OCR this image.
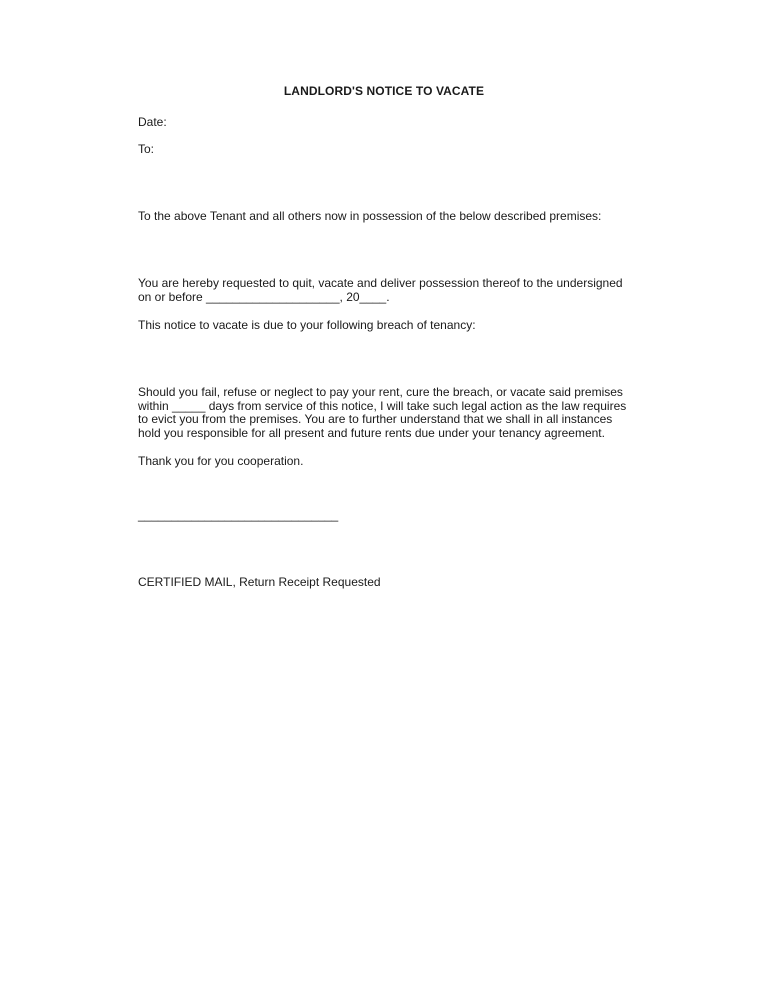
LANDLORD'S NOTICE TO VACATE
Date:
To:
To the above Tenant and all others now in possession of the below described premises:
You are hereby requested to quit, vacate and deliver possession thereof to the undersigned
on or before ____________________, 20____.
This notice to vacate is due to your following breach of tenancy:
Should you fail, refuse or neglect to pay your rent, cure the breach, or vacate said premises
within _____ days from service of this notice, I will take such legal action as the law requires
to evict you from the premises. You are to further understand that we shall in all instances
hold you responsible for all present and future rents due under your tenancy agreement.
Thank you for you cooperation.
______________________________
CERTIFIED MAIL, Return Receipt Requested
